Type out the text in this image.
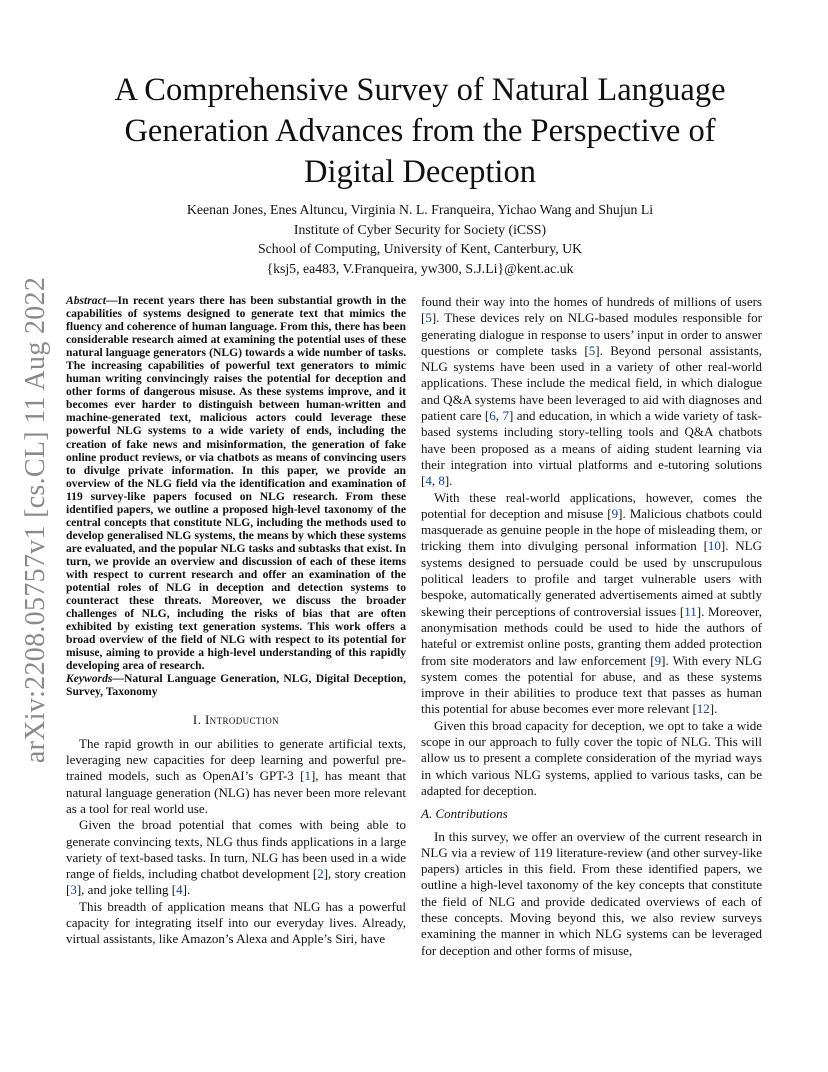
arXiv:2208.05757v1 [cs.CL] 11 Aug 2022
A Comprehensive Survey of Natural Language
Generation Advances from the Perspective of
Digital Deception
Keenan Jones, Enes Altuncu, Virginia N. L. Franqueira, Yichao Wang and Shujun Li
Institute of Cyber Security for Society (iCSS)
School of Computing, University of Kent, Canterbury, UK
{ksj5, ea483, V.Franqueira, yw300, S.J.Li}@kent.ac.uk

Abstract—In recent years there has been substantial growth in the capabilities of systems designed to generate text that mimics the fluency and coherence of human language. From this, there has been considerable research aimed at examining the potential uses of these natural language generators (NLG) towards a wide number of tasks. The increasing capabilities of powerful text generators to mimic human writing convincingly raises the potential for deception and other forms of dangerous misuse. As these systems improve, and it becomes ever harder to distinguish between human-written and machine-generated text, malicious actors could leverage these powerful NLG systems to a wide variety of ends, including the creation of fake news and misinformation, the generation of fake online product reviews, or via chatbots as means of convincing users to divulge private information. In this paper, we provide an overview of the NLG field via the identification and examination of 119 survey-like papers focused on NLG research. From these identified papers, we outline a proposed high-level taxonomy of the central concepts that constitute NLG, including the methods used to develop generalised NLG systems, the means by which these systems are evaluated, and the popular NLG tasks and subtasks that exist. In turn, we provide an overview and discussion of each of these items with respect to current research and offer an examination of the potential roles of NLG in deception and detection systems to counteract these threats. Moreover, we discuss the broader challenges of NLG, including the risks of bias that are often exhibited by existing text generation systems. This work offers a broad overview of the field of NLG with respect to its potential for misuse, aiming to provide a high-level understanding of this rapidly developing area of research.

Keywords—Natural Language Generation, NLG, Digital Deception, Survey, Taxonomy

I. Introduction

The rapid growth in our abilities to generate artificial texts, leveraging new capacities for deep learning and powerful pre-trained models, such as OpenAI’s GPT-3 [1], has meant that natural language generation (NLG) has never been more relevant as a tool for real world use.

Given the broad potential that comes with being able to generate convincing texts, NLG thus finds applications in a large variety of text-based tasks. In turn, NLG has been used in a wide range of fields, including chatbot development [2], story creation [3], and joke telling [4].

This breadth of application means that NLG has a powerful capacity for integrating itself into our everyday lives. Already, virtual assistants, like Amazon’s Alexa and Apple’s Siri, have

found their way into the homes of hundreds of millions of users [5]. These devices rely on NLG-based modules responsible for generating dialogue in response to users’ input in order to answer questions or complete tasks [5]. Beyond personal assistants, NLG systems have been used in a variety of other real-world applications. These include the medical field, in which dialogue and Q&A systems have been leveraged to aid with diagnoses and patient care [6, 7] and education, in which a wide variety of task-based systems including story-telling tools and Q&A chatbots have been proposed as a means of aiding student learning via their integration into virtual platforms and e-tutoring solutions [4, 8].

With these real-world applications, however, comes the potential for deception and misuse [9]. Malicious chatbots could masquerade as genuine people in the hope of misleading them, or tricking them into divulging personal information [10]. NLG systems designed to persuade could be used by unscrupulous political leaders to profile and target vulnerable users with bespoke, automatically generated advertisements aimed at subtly skewing their perceptions of controversial issues [11]. Moreover, anonymisation methods could be used to hide the authors of hateful or extremist online posts, granting them added protection from site moderators and law enforcement [9]. With every NLG system comes the potential for abuse, and as these systems improve in their abilities to produce text that passes as human this potential for abuse becomes ever more relevant [12].

Given this broad capacity for deception, we opt to take a wide scope in our approach to fully cover the topic of NLG. This will allow us to present a complete consideration of the myriad ways in which various NLG systems, applied to various tasks, can be adapted for deception.

A. Contributions

In this survey, we offer an overview of the current research in NLG via a review of 119 literature-review (and other survey-like papers) articles in this field. From these identified papers, we outline a high-level taxonomy of the key concepts that constitute the field of NLG and provide dedicated overviews of each of these concepts. Moving beyond this, we also review surveys examining the manner in which NLG systems can be leveraged for deception and other forms of misuse,
